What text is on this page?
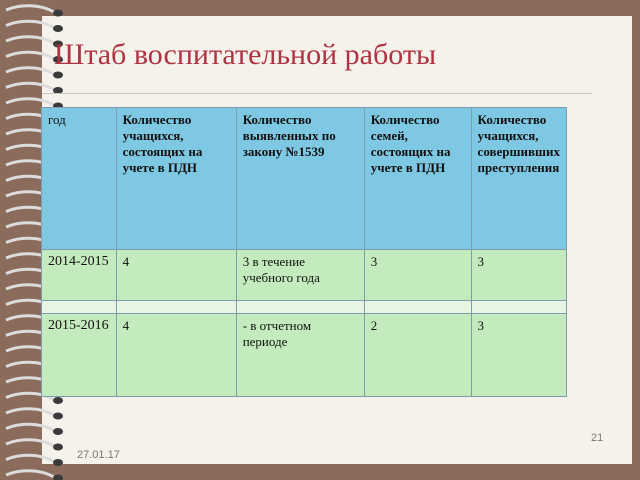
Штаб воспитательной работы
год	Количество учащихся, состоящих на учете в ПДН	Количество выявленных по закону №1539	Количество семей, состоящих на учете в ПДН	Количество учащихся, совершивших преступления

2014-2015	4	3 в течение учебного года	3	3

2015-2016	4	- в отчетном периоде	2	3
27.01.17
21
